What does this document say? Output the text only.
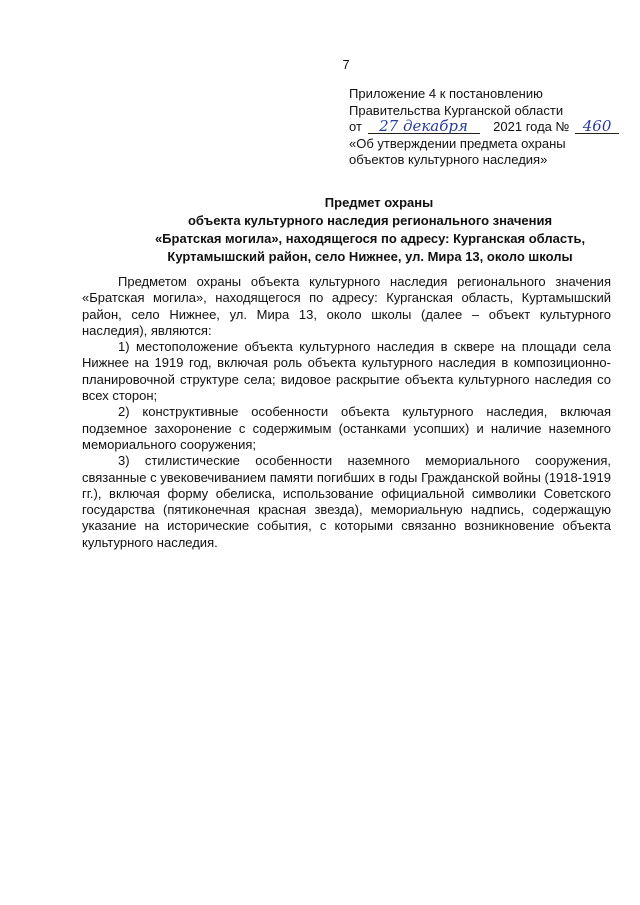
7
Приложение 4 к постановлению
Правительства Курганской области
от 27 декабря 2021 года № 460
«Об утверждении предмета охраны
объектов культурного наследия»
Предмет охраны
объекта культурного наследия регионального значения
«Братская могила», находящегося по адресу: Курганская область,
Куртамышский район, село Нижнее, ул. Мира 13, около школы

Предметом охраны объекта культурного наследия регионального значения «Братская могила», находящегося по адресу: Курганская область, Куртамышский район, село Нижнее, ул. Мира 13, около школы (далее – объект культурного наследия), являются:

1) местоположение объекта культурного наследия в сквере на площади села Нижнее на 1919 год, включая роль объекта культурного наследия в композиционно-планировочной структуре села; видовое раскрытие объекта культурного наследия со всех сторон;

2) конструктивные особенности объекта культурного наследия, включая подземное захоронение с содержимым (останками усопших) и наличие наземного мемориального сооружения;

3) стилистические особенности наземного мемориального сооружения, связанные с увековечиванием памяти погибших в годы Гражданской войны (1918-1919 гг.), включая форму обелиска, использование официальной символики Советского государства (пятиконечная красная звезда), мемориальную надпись, содержащую указание на исторические события, с которыми связанно возникновение объекта культурного наследия.
